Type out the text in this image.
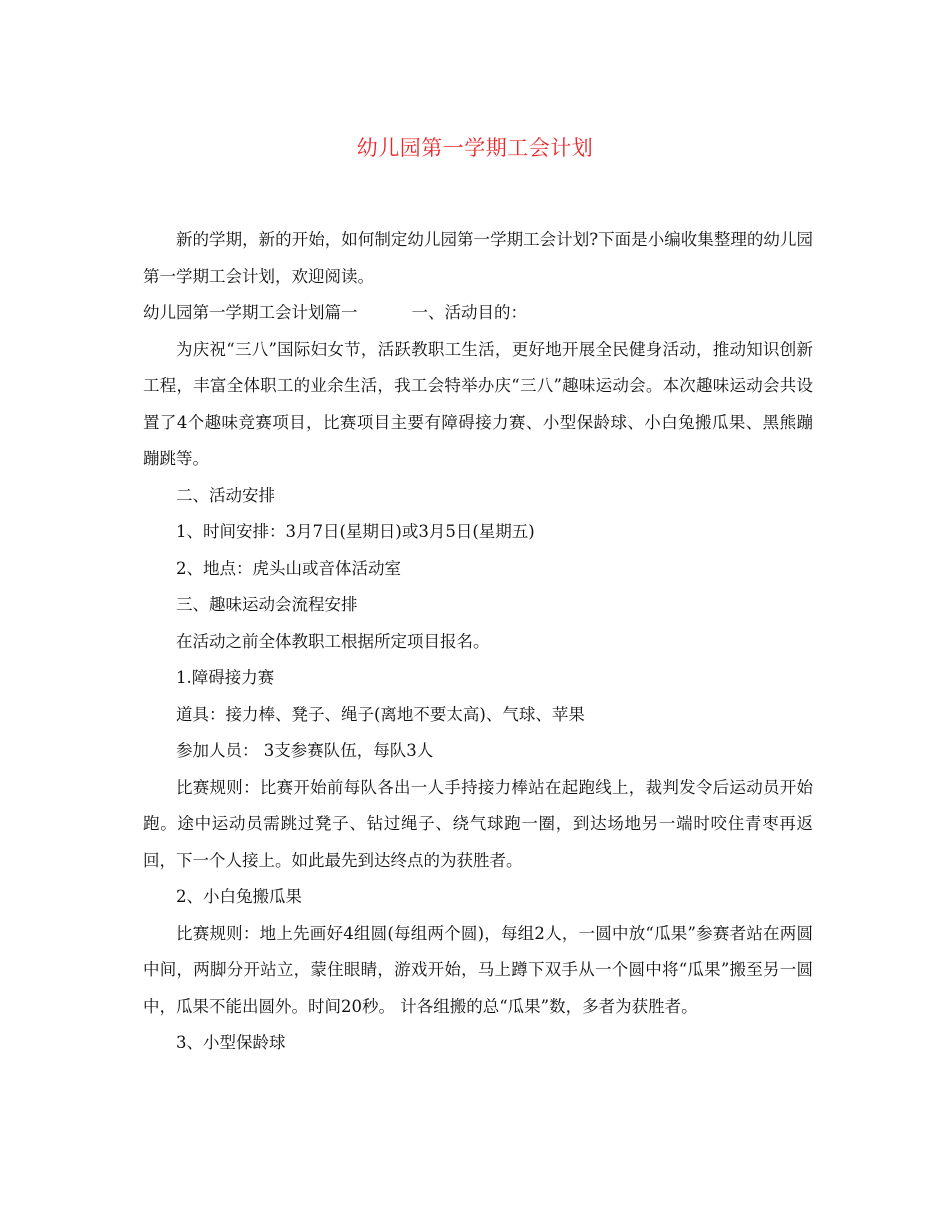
幼儿园第一学期工会计划

新的学期，新的开始，如何制定幼儿园第一学期工会计划?下面是小编收集整理的幼儿园第一学期工会计划，欢迎阅读。

幼儿园第一学期工会计划篇一	一、活动目的：

为庆祝“三八”国际妇女节，活跃教职工生活，更好地开展全民健身活动，推动知识创新工程，丰富全体职工的业余生活，我工会特举办庆“三八”趣味运动会。本次趣味运动会共设置了4个趣味竞赛项目，比赛项目主要有障碍接力赛、小型保龄球、小白兔搬瓜果、黑熊蹦蹦跳等。

二、活动安排

1、时间安排：3月7日(星期日)或3月5日(星期五)

2、地点：虎头山或音体活动室

三、趣味运动会流程安排

在活动之前全体教职工根据所定项目报名。

1.障碍接力赛

道具：接力棒、凳子、绳子(离地不要太高)、气球、苹果

参加人员： 3支参赛队伍，每队3人

比赛规则：比赛开始前每队各出一人手持接力棒站在起跑线上，裁判发令后运动员开始跑。途中运动员需跳过凳子、钻过绳子、绕气球跑一圈，到达场地另一端时咬住青枣再返回，下一个人接上。如此最先到达终点的为获胜者。

2、小白兔搬瓜果

比赛规则：地上先画好4组圆(每组两个圆)，每组2人，一圆中放“瓜果”参赛者站在两圆中间，两脚分开站立，蒙住眼睛，游戏开始，马上蹲下双手从一个圆中将“瓜果”搬至另一圆中，瓜果不能出圆外。时间20秒。 计各组搬的总“瓜果”数，多者为获胜者。

3、小型保龄球
